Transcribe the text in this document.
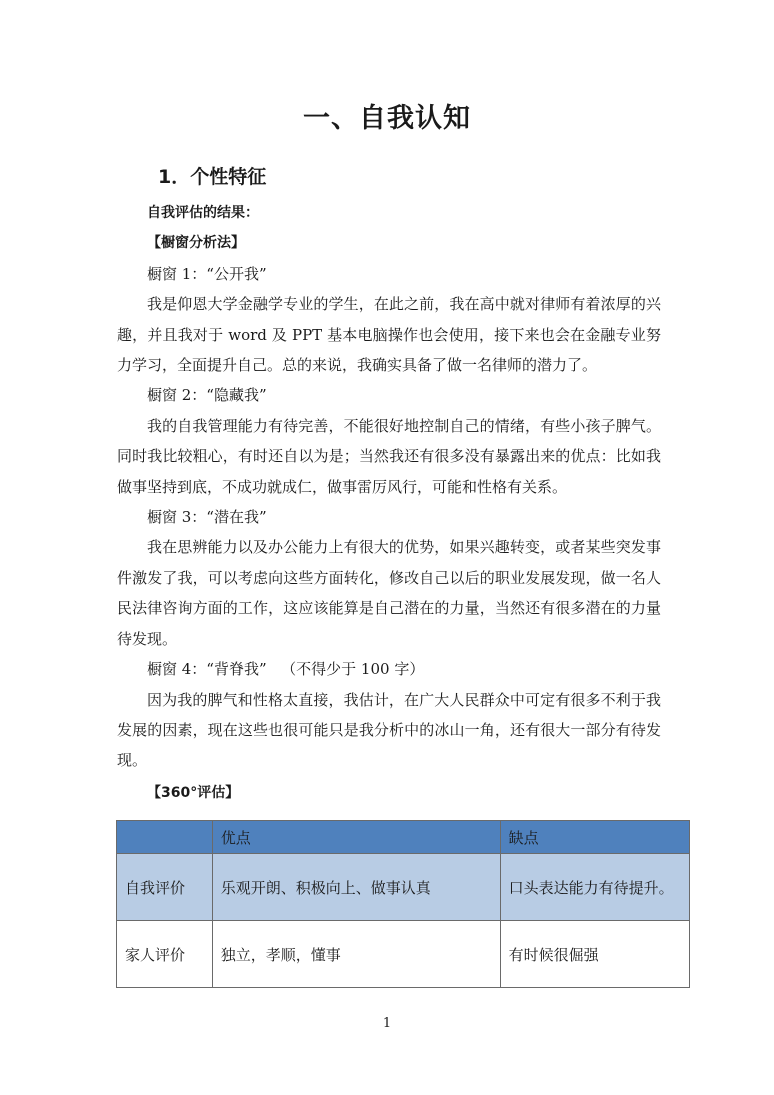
一、自我认知
1．个性特征

自我评估的结果：

【橱窗分析法】

橱窗 1：“公开我”

我是仰恩大学金融学专业的学生，在此之前，我在高中就对律师有着浓厚的兴趣，并且我对于 word 及 PPT 基本电脑操作也会使用，接下来也会在金融专业努力学习，全面提升自己。总的来说，我确实具备了做一名律师的潜力了。

橱窗 2：“隐藏我”

我的自我管理能力有待完善，不能很好地控制自己的情绪，有些小孩子脾气。同时我比较粗心，有时还自以为是；当然我还有很多没有暴露出来的优点：比如我做事坚持到底，不成功就成仁，做事雷厉风行，可能和性格有关系。

橱窗 3：“潜在我”

我在思辨能力以及办公能力上有很大的优势，如果兴趣转变，或者某些突发事件激发了我，可以考虑向这些方面转化，修改自己以后的职业发展发现，做一名人民法律咨询方面的工作，这应该能算是自己潜在的力量，当然还有很多潜在的力量待发现。

橱窗 4：“背脊我” （不得少于 100 字）

因为我的脾气和性格太直接，我估计，在广大人民群众中可定有很多不利于我发展的因素，现在这些也很可能只是我分析中的冰山一角，还有很大一部分有待发现。

【360°评估】

	优点	缺点
自我评价	乐观开朗、积极向上、做事认真	口头表达能力有待提升。
家人评价	独立，孝顺，懂事	有时候很倔强
1
